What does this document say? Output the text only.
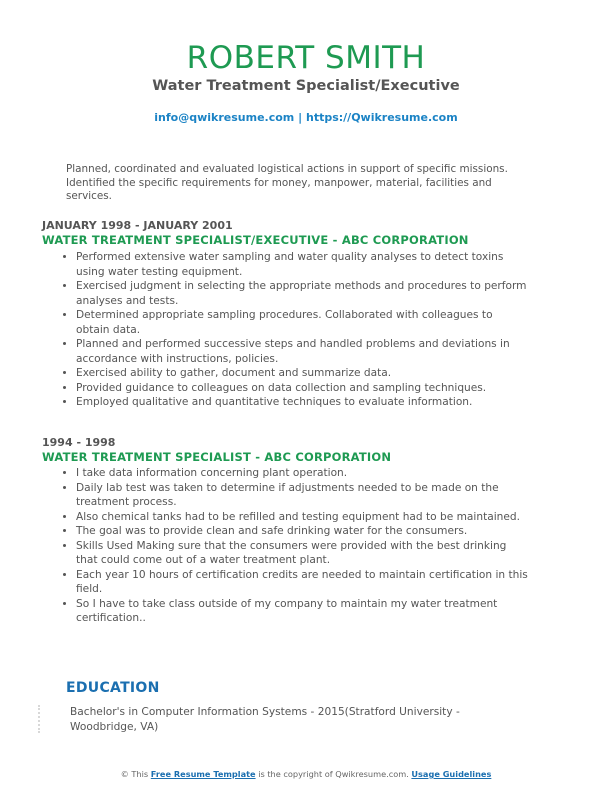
ROBERT SMITH
Water Treatment Specialist/Executive
info@qwikresume.com | https://Qwikresume.com
Planned, coordinated and evaluated logistical actions in support of specific missions. Identified the specific requirements for money, manpower, material, facilities and services.
JANUARY 1998 - JANUARY 2001
WATER TREATMENT SPECIALIST/EXECUTIVE - ABC CORPORATION
• Performed extensive water sampling and water quality analyses to detect toxins using water testing equipment.
• Exercised judgment in selecting the appropriate methods and procedures to perform analyses and tests.
• Determined appropriate sampling procedures. Collaborated with colleagues to obtain data.
• Planned and performed successive steps and handled problems and deviations in accordance with instructions, policies.
• Exercised ability to gather, document and summarize data.
• Provided guidance to colleagues on data collection and sampling techniques.
• Employed qualitative and quantitative techniques to evaluate information.
1994 - 1998
WATER TREATMENT SPECIALIST - ABC CORPORATION
• I take data information concerning plant operation.
• Daily lab test was taken to determine if adjustments needed to be made on the treatment process.
• Also chemical tanks had to be refilled and testing equipment had to be maintained.
• The goal was to provide clean and safe drinking water for the consumers.
• Skills Used Making sure that the consumers were provided with the best drinking that could come out of a water treatment plant.
• Each year 10 hours of certification credits are needed to maintain certification in this field.
• So I have to take class outside of my company to maintain my water treatment certification..
EDUCATION
Bachelor's in Computer Information Systems - 2015(Stratford University - Woodbridge, VA)
© This Free Resume Template is the copyright of Qwikresume.com. Usage Guidelines
